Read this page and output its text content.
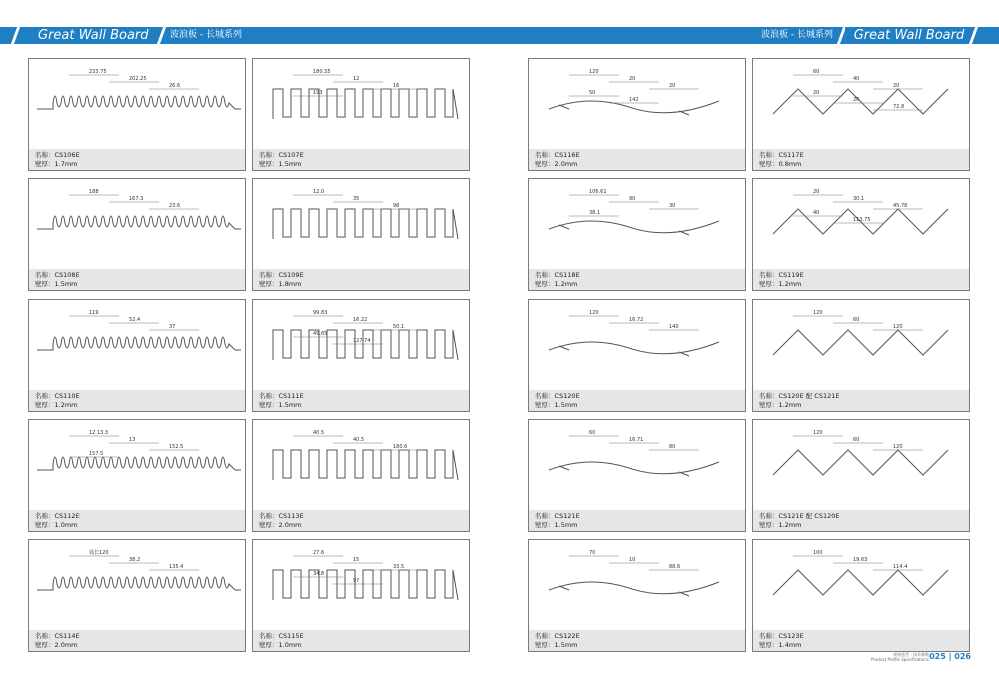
Great Wall Board 波浪板 - 长城系列	波浪板 - 长城系列	Great Wall Board
233.75
202.25
26.6
名称：CS106E
壁厚：1.7mm
180.35
12
16
193
名称：CS107E
壁厚：1.5mm
120
20
20
50
142
名称：CS116E
壁厚：2.0mm
60
40
20
20
20
72.8
名称：CS117E
壁厚：0.8mm
188
167.3
23.6
名称：CS108E
壁厚：1.5mm
12.0
35
98
名称：CS109E
壁厚：1.8mm
106.61
90
30
38.1
名称：CS118E
壁厚：1.2mm
20
30.1
45.78
40
113.75
名称：CS119E
壁厚：1.2mm
119
52.4
37
名称：CS110E
壁厚：1.2mm
99.83
16.22
50.1
49.65
127.74
名称：CS111E
壁厚：1.5mm
120
16.72
140
名称：CS120E
壁厚：1.5mm
120
60
120
名称：CS120E 配 CS121E
壁厚：1.2mm
12 13.3
13
152.5
157.5
名称：CS112E
壁厚：1.0mm
40.5
40.5
180.6
名称：CS113E
壁厚：2.0mm
60
16.71
80
名称：CS121E
壁厚：1.5mm
120
60
120
名称：CS121E 配 CS120E
壁厚：1.2mm
弧长120
38.2
135.4
名称：CS114E
壁厚：2.0mm
27.6
15
33.5
34.8
97
名称：CS115E
壁厚：1.0mm
70
10
88.6
名称：CS122E
壁厚：1.5mm
100
19.63
114.4
名称：CS123E
壁厚：1.4mm
规格选型 · 技术参数
Product Profile Specifications 025 | 026
